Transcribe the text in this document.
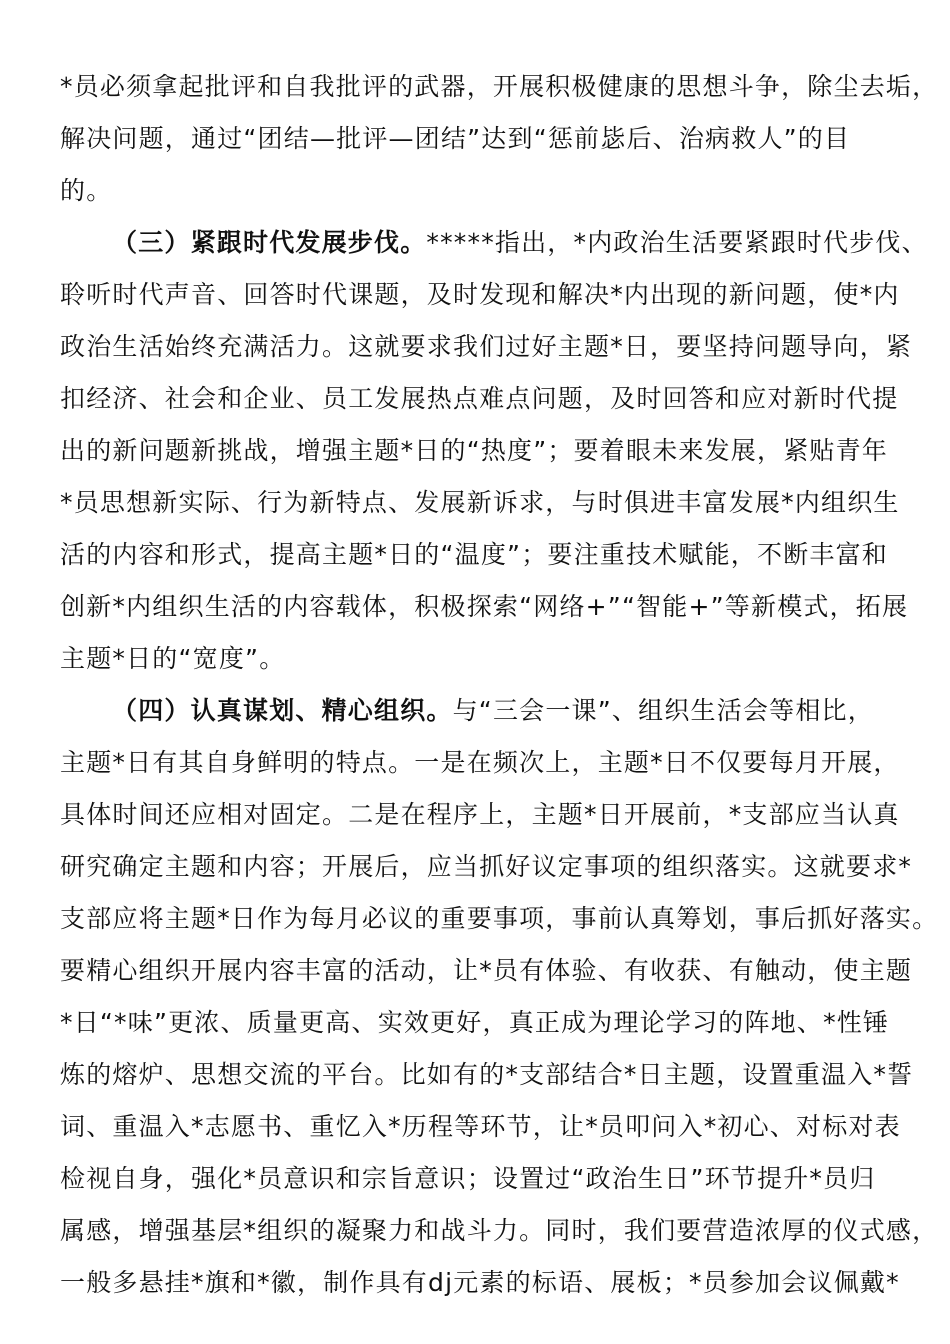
*员必须拿起批评和自我批评的武器，开展积极健康的思想斗争，除尘去垢，
解决问题，通过“团结—批评—团结”达到“惩前毖后、治病救人”的目
的。
（三）紧跟时代发展步伐。*****指出，*内政治生活要紧跟时代步伐、
聆听时代声音、回答时代课题，及时发现和解决*内出现的新问题，使*内
政治生活始终充满活力。这就要求我们过好主题*日，要坚持问题导向，紧
扣经济、社会和企业、员工发展热点难点问题，及时回答和应对新时代提
出的新问题新挑战，增强主题*日的“热度”；要着眼未来发展，紧贴青年
*员思想新实际、行为新特点、发展新诉求，与时俱进丰富发展*内组织生
活的内容和形式，提高主题*日的“温度”；要注重技术赋能，不断丰富和
创新*内组织生活的内容载体，积极探索“网络+”“智能+”等新模式，拓展
主题*日的“宽度”。
（四）认真谋划、精心组织。与“三会一课”、组织生活会等相比，
主题*日有其自身鲜明的特点。一是在频次上，主题*日不仅要每月开展，
具体时间还应相对固定。二是在程序上，主题*日开展前，*支部应当认真
研究确定主题和内容；开展后，应当抓好议定事项的组织落实。这就要求*
支部应将主题*日作为每月必议的重要事项，事前认真筹划，事后抓好落实。
要精心组织开展内容丰富的活动，让*员有体验、有收获、有触动，使主题
*日“*味”更浓、质量更高、实效更好，真正成为理论学习的阵地、*性锤
炼的熔炉、思想交流的平台。比如有的*支部结合*日主题，设置重温入*誓
词、重温入*志愿书、重忆入*历程等环节，让*员叩问入*初心、对标对表
检视自身，强化*员意识和宗旨意识；设置过“政治生日”环节提升*员归
属感，增强基层*组织的凝聚力和战斗力。同时，我们要营造浓厚的仪式感，
一般多悬挂*旗和*徽，制作具有dj元素的标语、展板；*员参加会议佩戴*
